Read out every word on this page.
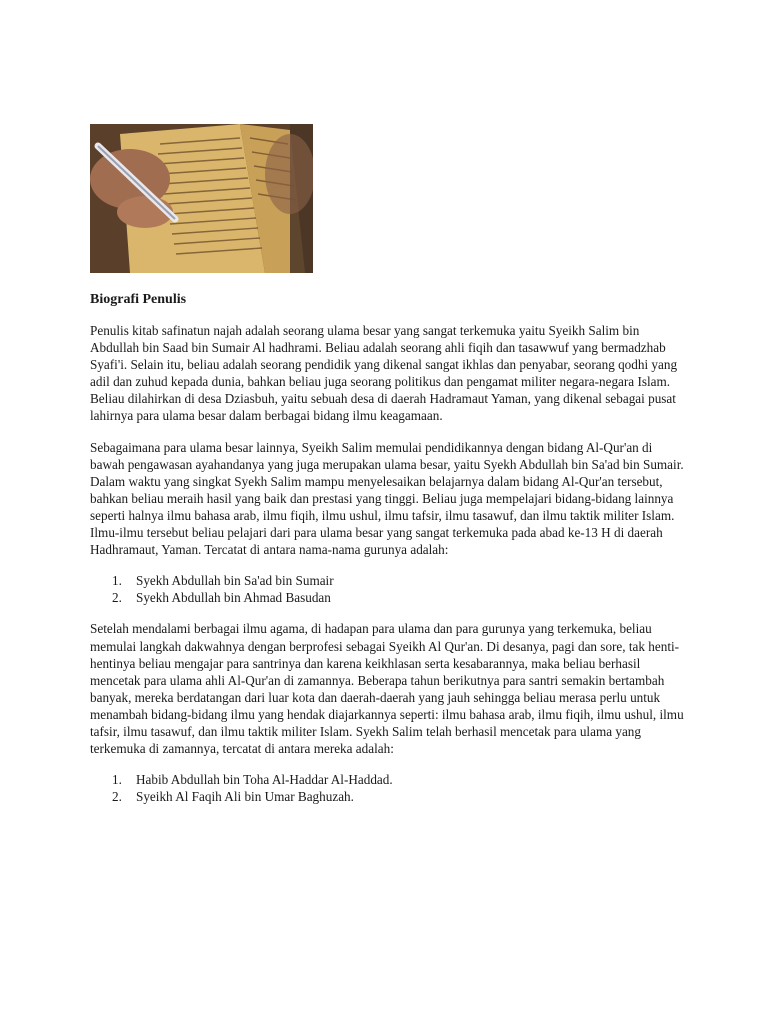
Biografi Penulis

Penulis kitab safinatun najah adalah seorang ulama besar yang sangat terkemuka yaitu Syeikh Salim bin Abdullah bin Saad bin Sumair Al hadhrami. Beliau adalah seorang ahli fiqih dan tasawwuf yang bermadzhab Syafi'i. Selain itu, beliau adalah seorang pendidik yang dikenal sangat ikhlas dan penyabar, seorang qodhi yang adil dan zuhud kepada dunia, bahkan beliau juga seorang politikus dan pengamat militer negara-negara Islam. Beliau dilahirkan di desa Dziasbuh, yaitu sebuah desa di daerah Hadramaut Yaman, yang dikenal sebagai pusat lahirnya para ulama besar dalam berbagai bidang ilmu keagamaan.

Sebagaimana para ulama besar lainnya, Syeikh Salim memulai pendidikannya dengan bidang Al-Qur'an di bawah pengawasan ayahandanya yang juga merupakan ulama besar, yaitu Syekh Abdullah bin Sa'ad bin Sumair. Dalam waktu yang singkat Syekh Salim mampu menyelesaikan belajarnya dalam bidang Al-Qur'an tersebut, bahkan beliau meraih hasil yang baik dan prestasi yang tinggi. Beliau juga mempelajari bidang-bidang lainnya seperti halnya ilmu bahasa arab, ilmu fiqih, ilmu ushul, ilmu tafsir, ilmu tasawuf, dan ilmu taktik militer Islam. Ilmu-ilmu tersebut beliau pelajari dari para ulama besar yang sangat terkemuka pada abad ke-13 H di daerah Hadhramaut, Yaman. Tercatat di antara nama-nama gurunya adalah:

1. Syekh Abdullah bin Sa'ad bin Sumair
2. Syekh Abdullah bin Ahmad Basudan

Setelah mendalami berbagai ilmu agama, di hadapan para ulama dan para gurunya yang terkemuka, beliau memulai langkah dakwahnya dengan berprofesi sebagai Syeikh Al Qur'an. Di desanya, pagi dan sore, tak henti-hentinya beliau mengajar para santrinya dan karena keikhlasan serta kesabarannya, maka beliau berhasil mencetak para ulama ahli Al-Qur'an di zamannya. Beberapa tahun berikutnya para santri semakin bertambah banyak, mereka berdatangan dari luar kota dan daerah-daerah yang jauh sehingga beliau merasa perlu untuk menambah bidang-bidang ilmu yang hendak diajarkannya seperti: ilmu bahasa arab, ilmu fiqih, ilmu ushul, ilmu tafsir, ilmu tasawuf, dan ilmu taktik militer Islam. Syekh Salim telah berhasil mencetak para ulama yang terkemuka di zamannya, tercatat di antara mereka adalah:

1. Habib Abdullah bin Toha Al-Haddar Al-Haddad.
2. Syeikh Al Faqih Ali bin Umar Baghuzah.
